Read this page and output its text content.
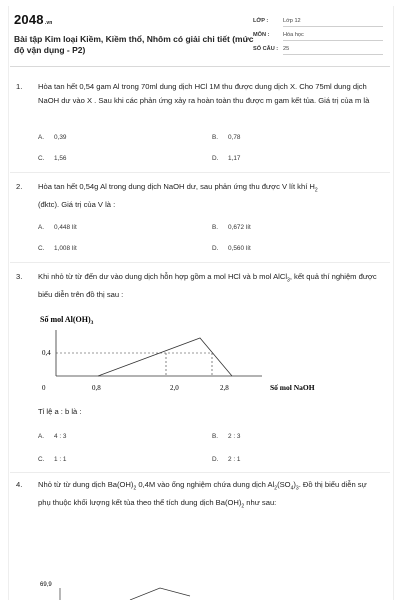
2048.vn
Bài tập Kim loại Kiềm, Kiềm thổ, Nhôm có giải chi tiết (mức độ vận dụng - P2)
LỚP :	Lớp 12
MÔN : Hóa học
SỐ CÂU : 25
1. Hòa tan hết 0,54 gam Al trong 70ml dung dịch HCl 1M thu được dung dịch X. Cho 75ml dung dịch NaOH dư vào X . Sau khi các phản ứng xảy ra hoàn toàn thu được m gam kết tủa. Giá trị của m là
A. 0,39	B. 0,78
C. 1,56	D. 1,17
2. Hòa tan hết 0,54g Al trong dung dịch NaOH dư, sau phản ứng thu được V lít khí $H_2$
(đktc). Giá trị của V là :
A. 0,448 lít	B. 0,672 lít
C. 1,008 lít	D. 0,560 lít
3. Khi nhỏ từ từ đến dư vào dung dịch hỗn hợp gồm a mol HCl và b mol AlCl$_3$, kết quả thí nghiệm được biểu diễn trên đồ thị sau :
Số mol $Al(OH)_3$
0,4
0	0,8	2,0	2,8	Số mol NaOH
Tỉ lệ a : b là :
A. 4 : 3	B. 2 : 3
C. 1 : 1	D. 2 : 1
4. Nhỏ từ từ dung dịch $Ba(OH)_2$ 0,4M vào ống nghiệm chứa dung dịch $Al_2(SO_4)_3$. Đồ thị biểu diễn sự phụ thuộc khối lượng kết tủa theo thể tích dung dịch $Ba(OH)_2$ như sau:
69,9
